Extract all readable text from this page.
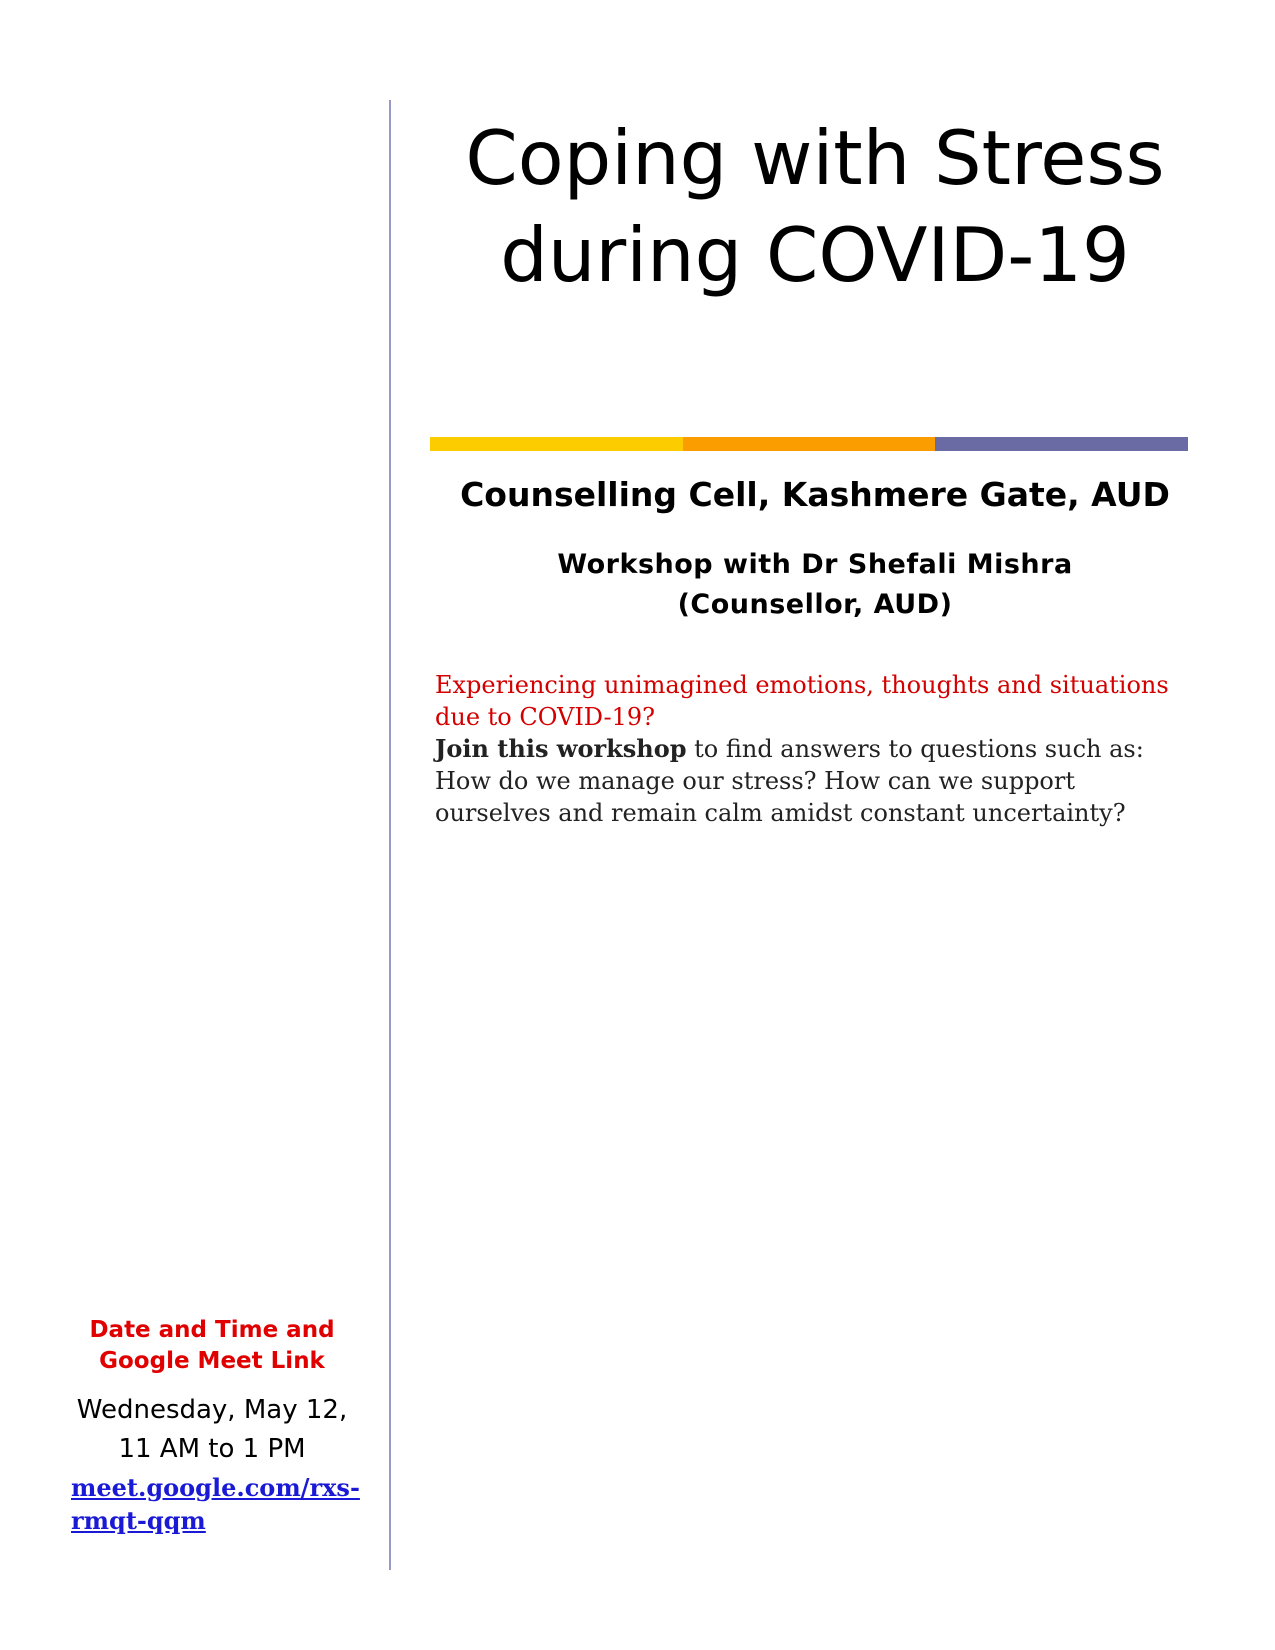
Coping with Stress
during COVID-19
Counselling Cell, Kashmere Gate, AUD
Workshop with Dr Shefali Mishra
(Counsellor, AUD)
Experiencing unimagined emotions, thoughts and situations due to COVID-19?
Join this workshop to find answers to questions such as: How do we manage our stress? How can we support ourselves and remain calm amidst constant uncertainty?
Date and Time and
Google Meet Link
Wednesday, May 12,
11 AM to 1 PM
meet.google.com/rxs-rmqt-qqm
